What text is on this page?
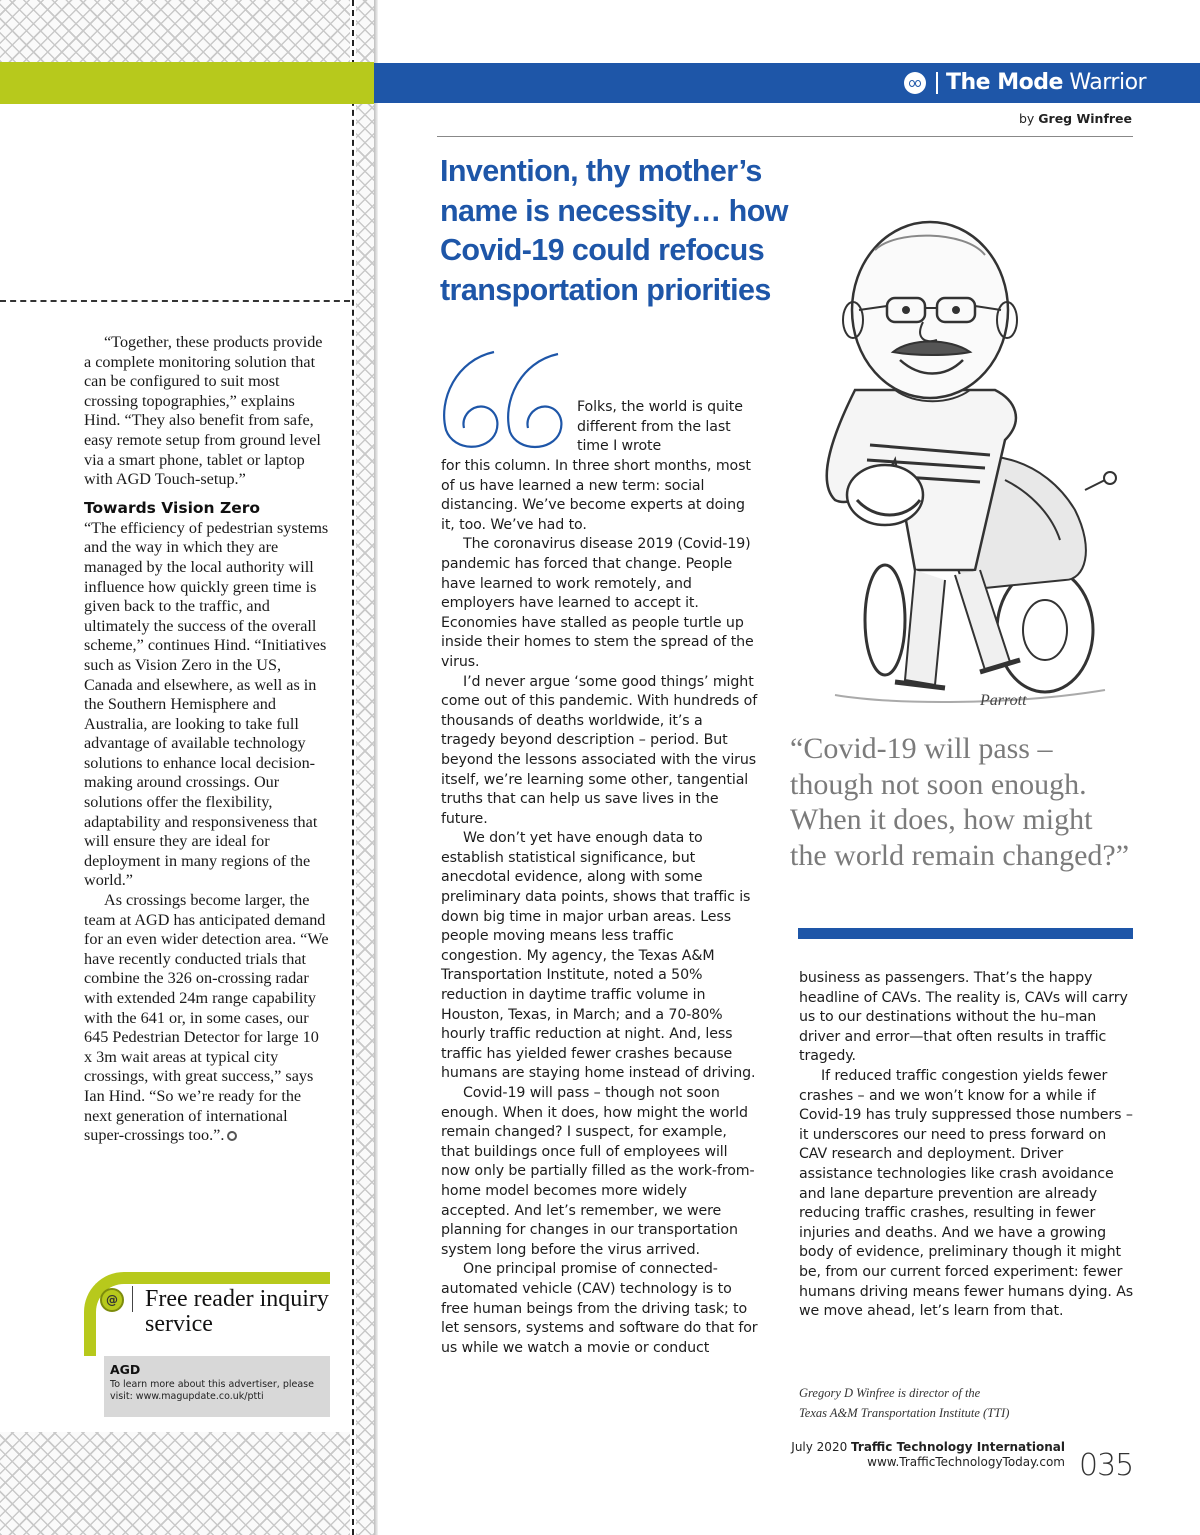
The Mode Warrior
by Greg Winfree
Invention, thy mother’s name is necessity… how Covid-19 could refocus transportation priorities

“Together, these products provide a complete monitoring solution that can be configured to suit most crossing topographies,” explains Hind. “They also benefit from safe, easy remote setup from ground level via a smart phone, tablet or laptop with AGD Touch-setup.”

Towards Vision Zero

“The efficiency of pedestrian systems and the way in which they are managed by the local authority will influence how quickly green time is given back to the traffic, and ultimately the success of the overall scheme,” continues Hind. “Initiatives such as Vision Zero in the US, Canada and elsewhere, as well as in the Southern Hemisphere and Australia, are looking to take full advantage of available technology solutions to enhance local decision-making around crossings. Our solutions offer the flexibility, adaptability and responsiveness that will ensure they are ideal for deployment in many regions of the world.”

As crossings become larger, the team at AGD has anticipated demand for an even wider detection area. “We have recently conducted trials that combine the 326 on-crossing radar with extended 24m range capability with the 641 or, in some cases, our 645 Pedestrian Detector for large 10 x 3m wait areas at typical city crossings, with great success,” says Ian Hind. “So we’re ready for the next generation of international super-crossings too.”.

@ Free reader inquiry service
AGD
To learn more about this advertiser, please visit: www.magupdate.co.uk/ptti
Parrott
Folks, the world is quite different from the last time I wrote

for this column. In three short months, most of us have learned a new term: social distancing. We’ve become experts at doing it, too. We’ve had to.

The coronavirus disease 2019 (Covid-19) pandemic has forced that change. People have learned to work remotely, and employers have learned to accept it. Economies have stalled as people turtle up inside their homes to stem the spread of the virus.

I’d never argue ‘some good things’ might come out of this pandemic. With hundreds of thousands of deaths worldwide, it’s a tragedy beyond description – period. But beyond the lessons associated with the virus itself, we’re learning some other, tangential truths that can help us save lives in the future.

We don’t yet have enough data to establish statistical significance, but anecdotal evidence, along with some preliminary data points, shows that traffic is down big time in major urban areas. Less people moving means less traffic congestion. My agency, the Texas A&M Transportation Institute, noted a 50% reduction in daytime traffic volume in Houston, Texas, in March; and a 70-80% hourly traffic reduction at night. And, less traffic has yielded fewer crashes because humans are staying home instead of driving.

Covid-19 will pass – though not soon enough. When it does, how might the world remain changed? I suspect, for example, that buildings once full of employees will now only be partially filled as the work-from-home model becomes more widely accepted. And let’s remember, we were planning for changes in our transportation system long before the virus arrived.

One principal promise of connected-automated vehicle (CAV) technology is to free human beings from the driving task; to let sensors, systems and software do that for us while we watch a movie or conduct

“Covid-19 will pass – though not soon enough. When it does, how might the world remain changed?”

business as passengers. That’s the happy headline of CAVs. The reality is, CAVs will carry us to our destinations without the hu–man driver and error—that often results in traffic tragedy.

If reduced traffic congestion yields fewer crashes – and we won’t know for a while if Covid-19 has truly suppressed those numbers – it underscores our need to press forward on CAV research and deployment. Driver assistance technologies like crash avoidance and lane departure prevention are already reducing traffic crashes, resulting in fewer injuries and deaths. And we have a growing body of evidence, preliminary though it might be, from our current forced experiment: fewer humans driving means fewer humans dying. As we move ahead, let’s learn from that.

Gregory D Winfree is director of the
Texas A&M Transportation Institute (TTI)
July 2020 Traffic Technology International
www.TrafficTechnologyToday.com 035
